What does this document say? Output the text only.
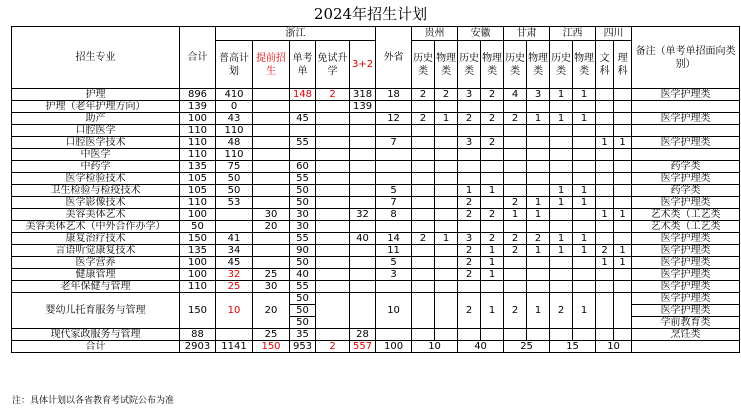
2024年招生计划
招生专业	合计	浙江					外省	贵州		安徽		甘肃		江西		四川		备注（单考单招面向类别）
		普高计划	提前招生	单考单	免试升学	3+2		历史类	物理类	历史类	物理类	历史类	物理类	历史类	物理类	文科	理科	

护理	896	410		148	2	318	18	2	2	3	2	4	3	1	1			医学护理类
护理（老年护理方向）	139	0				139												
助产	100	43		45			12	2	1	2	2	2	1	1	1			医学护理类
口腔医学	110	110																
口腔医学技术	110	48		55			7			3	2					1	1	医学护理类
中医学	110	110																
中药学	135	75		60														药学类
医学检验技术	105	50		55														医学护理类
卫生检验与检疫技术	105	50		50			5			1	1			1	1			药学类
医学影像技术	110	53		50			7			2		2	1	1	1			医学护理类
美容美体艺术	100		30	30		32	8			2	2	1	1			1	1	艺术类（工艺类
美容美体艺术（中外合作办学）	50		20	30														艺术类（工艺类
康复治疗技术	150	41		55		40	14	2	1	3	2	2	2	1	1			医学护理类
言语听觉康复技术	135	34		90			11			2	1	2	1	1	1	2	1	医学护理类
医学营养	100	45		50			5			2	1					1	1	医学护理类
健康管理	100	32	25	40			3			2	1							医学护理类
老年保健与管理	110	25	30	55														医学护理类
婴幼儿托育服务与管理	150	10	20	50			10			2	1	2	1	2	1			医学护理类
				50														医学护理类
				50														学前教育类
现代家政服务与管理	88		25	35		28												烹饪类
合计	2903	1141	150	953	2	557	100	10		40		25		15		10		
注：具体计划以各省教育考试院公布为准
